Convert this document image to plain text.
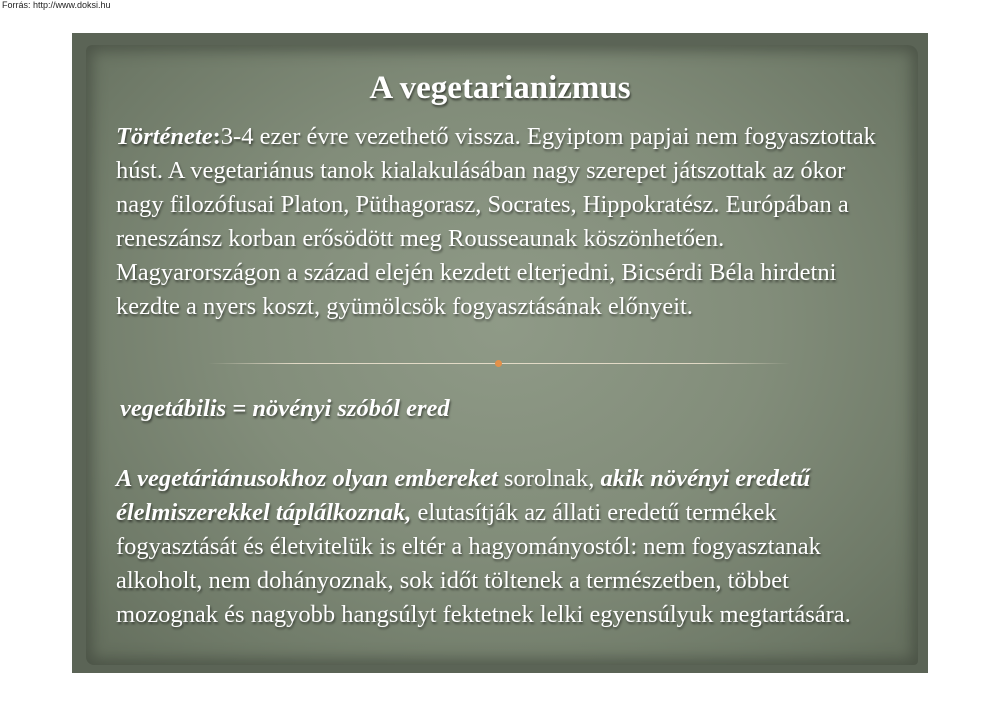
Forrás: http://www.doksi.hu
A vegetarianizmus
Története:3-4 ezer évre vezethető vissza. Egyiptom papjai nem fogyasztottak húst. A vegetariánus tanok kialakulásában nagy szerepet játszottak az ókor nagy filozófusai Platon, Püthagorasz, Socrates, Hippokratész. Európában a reneszánsz korban erősödött meg Rousseaunak köszönhetően. Magyarországon a század elején kezdett elterjedni, Bicsérdi Béla hirdetni kezdte a nyers koszt, gyümölcsök fogyasztásának előnyeit.
vegetábilis = növényi szóból ered
A vegetáriánusokhoz olyan embereket sorolnak, akik növényi eredetű élelmiszerekkel táplálkoznak, elutasítják az állati eredetű termékek fogyasztását és életvitelük is eltér a hagyományostól: nem fogyasztanak alkoholt, nem dohányoznak, sok időt töltenek a természetben, többet mozognak és nagyobb hangsúlyt fektetnek lelki egyensúlyuk megtartására.
